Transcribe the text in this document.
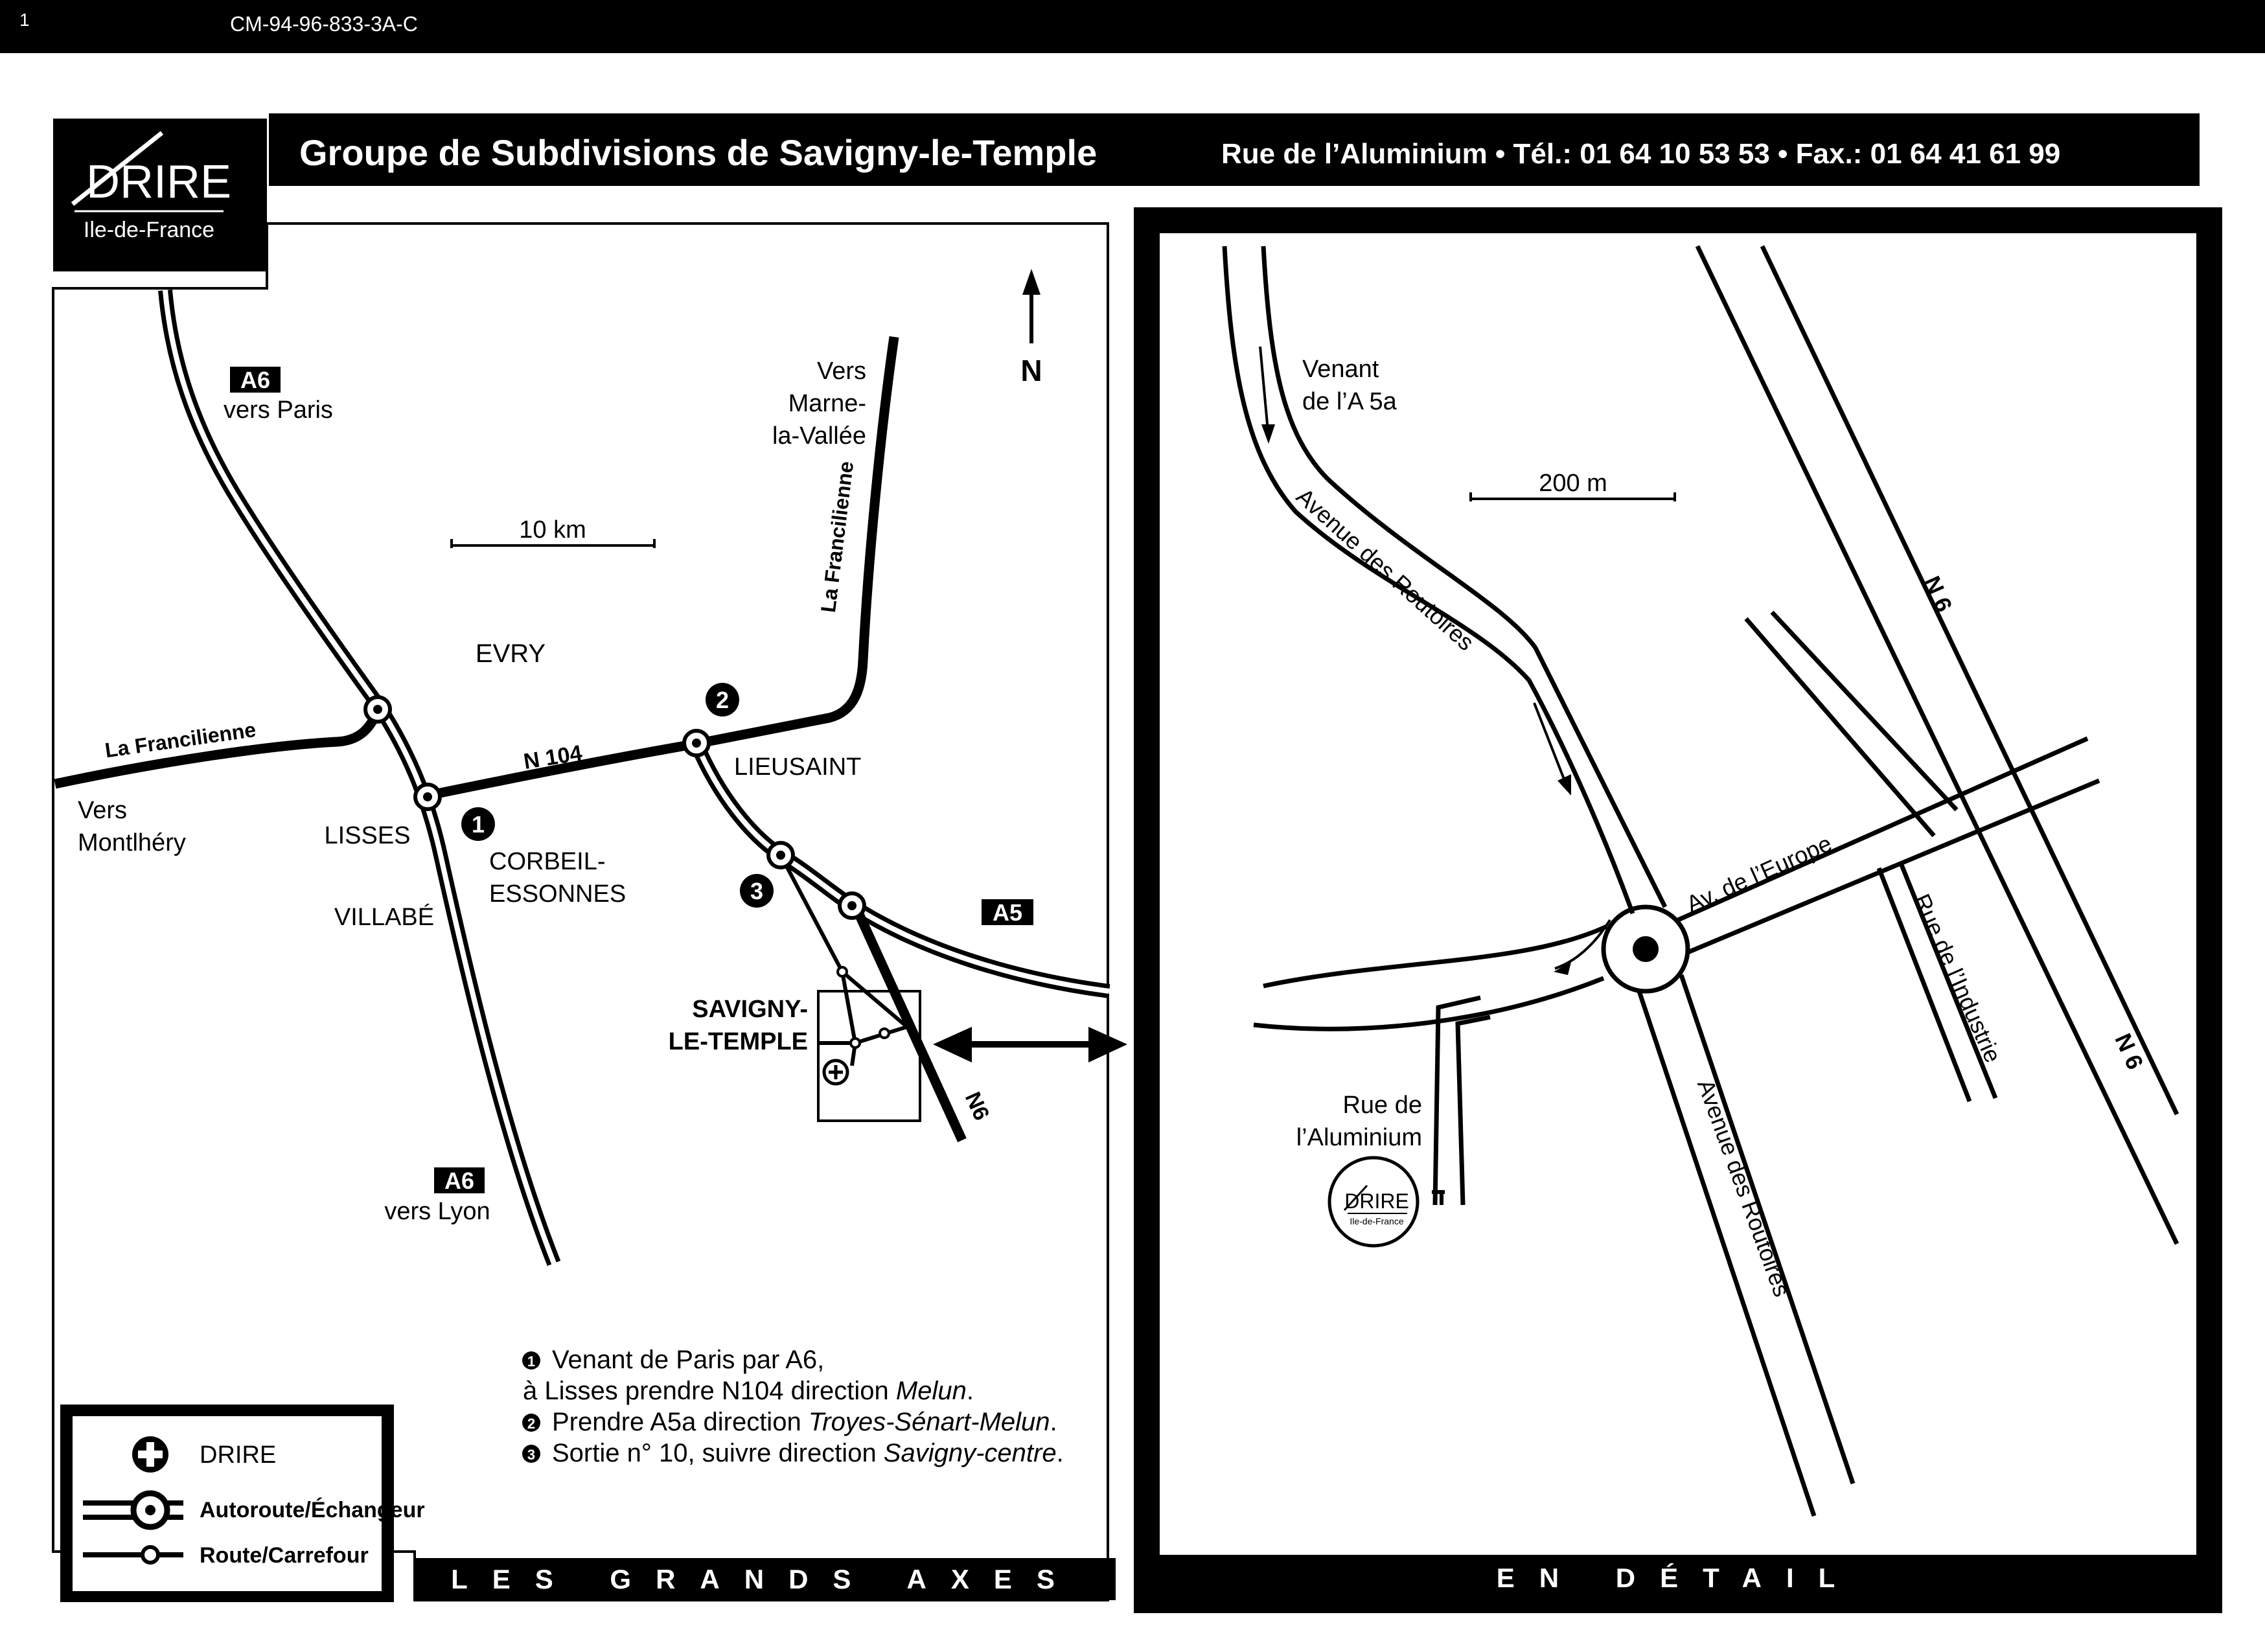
1	CM-94-96-833-3A-C
DRIRE
Ile-de-France
Groupe de Subdivisions de Savigny-le-Temple	Rue de l’Aluminium • Tél.: 01 64 10 53 53 • Fax.: 01 64 41 61 99
LES GRANDS AXES
N
10 km
A6
vers Paris
A6
vers Lyon
A5
N 104
La Francilienne
La Francilienne
N6
EVRY
LISSES
VILLABÉ
CORBEIL-
ESSONNES
LIEUSAINT
Vers
Montlhéry
Vers
Marne-
la-Vallée
SAVIGNY-
LE-TEMPLE
1
2
3
1 Venant de Paris par A6,
à Lisses prendre N104 direction Melun.
2 Prendre A5a direction Troyes-Sénart-Melun.
3 Sortie n° 10, suivre direction Savigny-centre.
DRIRE
Autoroute/Échangeur
Route/Carrefour
EN DÉTAIL
200 m
Venant
de l’A 5a
Avenue des Routoires
Avenue des Routoires
Av. de l’Europe
Rue de l’Industrie
N 6
N 6
Rue de
l’Aluminium
DRIRE
Ile-de-France
